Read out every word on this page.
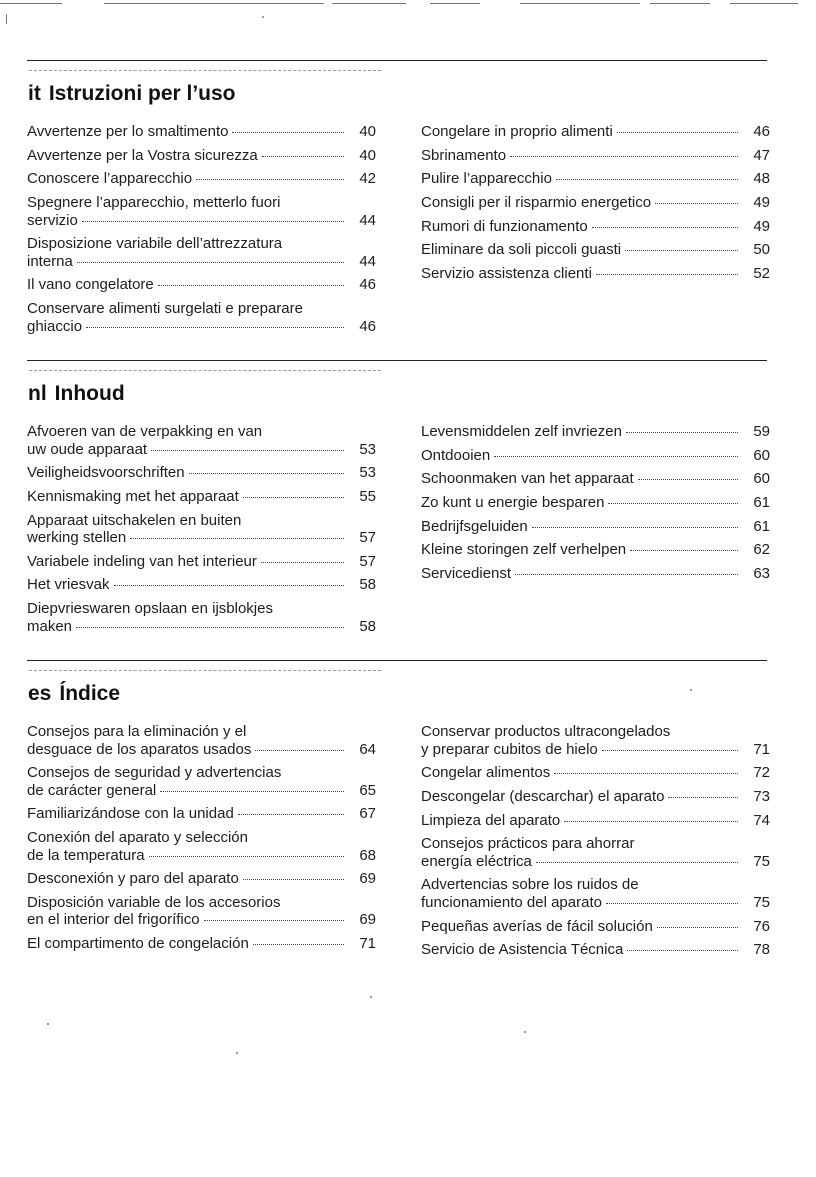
it Istruzioni per l’uso
Avvertenze per lo smaltimento	40
Avvertenze per la Vostra sicurezza	40
Conoscere l’apparecchio	42
Spegnere l’apparecchio, metterlo fuori
servizio	44
Disposizione variabile dell’attrezzatura
interna	44
Il vano congelatore	46
Conservare alimenti surgelati e preparare
ghiaccio	46
Congelare in proprio alimenti	46
Sbrinamento	47
Pulire l’apparecchio	48
Consigli per il risparmio energetico	49
Rumori di funzionamento	49
Eliminare da soli piccoli guasti	50
Servizio assistenza clienti	52
nl Inhoud
Afvoeren van de verpakking en van
uw oude apparaat	53
Veiligheidsvoorschriften	53
Kennismaking met het apparaat	55
Apparaat uitschakelen en buiten
werking stellen	57
Variabele indeling van het interieur	57
Het vriesvak	58
Diepvrieswaren opslaan en ijsblokjes
maken	58
Levensmiddelen zelf invriezen	59
Ontdooien	60
Schoonmaken van het apparaat	60
Zo kunt u energie besparen	61
Bedrijfsgeluiden	61
Kleine storingen zelf verhelpen	62
Servicedienst	63
es Índice
Consejos para la eliminación y el
desguace de los aparatos usados	64
Consejos de seguridad y advertencias
de carácter general	65
Familiarizándose con la unidad	67
Conexión del aparato y selección
de la temperatura	68
Desconexión y paro del aparato	69
Disposición variable de los accesorios
en el interior del frigorífico	69
El compartimento de congelación	71
Conservar productos ultracongelados
y preparar cubitos de hielo	71
Congelar alimentos	72
Descongelar (descarchar) el aparato	73
Limpieza del aparato	74
Consejos prácticos para ahorrar
energía eléctrica	75
Advertencias sobre los ruidos de
funcionamiento del aparato	75
Pequeñas averías de fácil solución	76
Servicio de Asistencia Técnica	78
